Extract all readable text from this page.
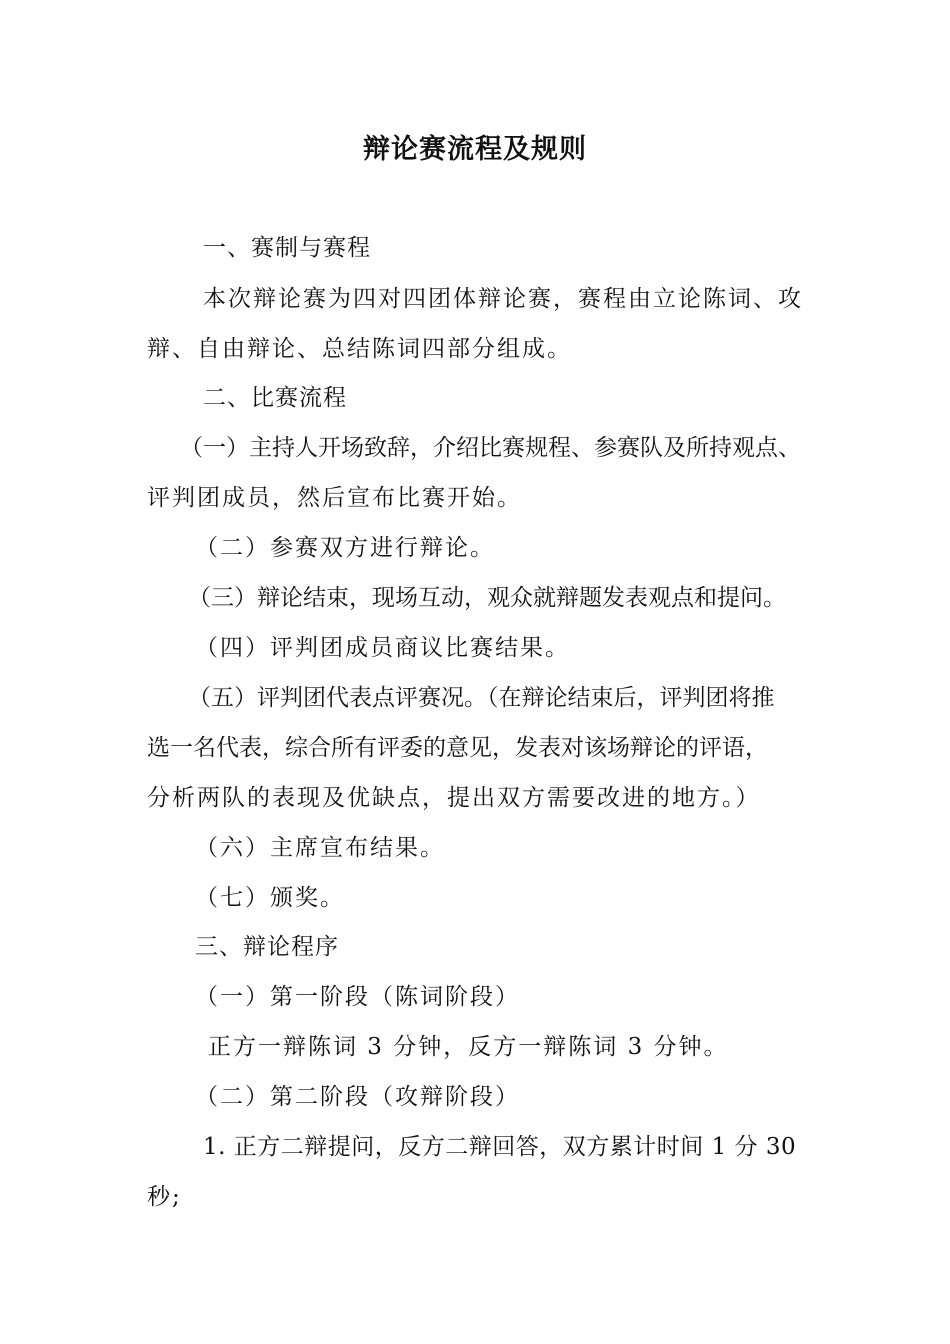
辩论赛流程及规则
一、赛制与赛程
本次辩论赛为四对四团体辩论赛，赛程由立论陈词、攻
辩、自由辩论、总结陈词四部分组成。
二、比赛流程
（一）主持人开场致辞，介绍比赛规程、参赛队及所持观点、
评判团成员，然后宣布比赛开始。
（二）参赛双方进行辩论。
（三）辩论结束，现场互动，观众就辩题发表观点和提问。
（四）评判团成员商议比赛结果。
（五）评判团代表点评赛况。（在辩论结束后，评判团将推
选一名代表，综合所有评委的意见，发表对该场辩论的评语，
分析两队的表现及优缺点，提出双方需要改进的地方。）
（六）主席宣布结果。
（七）颁奖。
三、辩论程序
（一）第一阶段（陈词阶段）
正方一辩陈词 3 分钟，反方一辩陈词 3 分钟。
（二）第二阶段（攻辩阶段）
1. 正方二辩提问，反方二辩回答，双方累计时间 1 分 30
秒;
